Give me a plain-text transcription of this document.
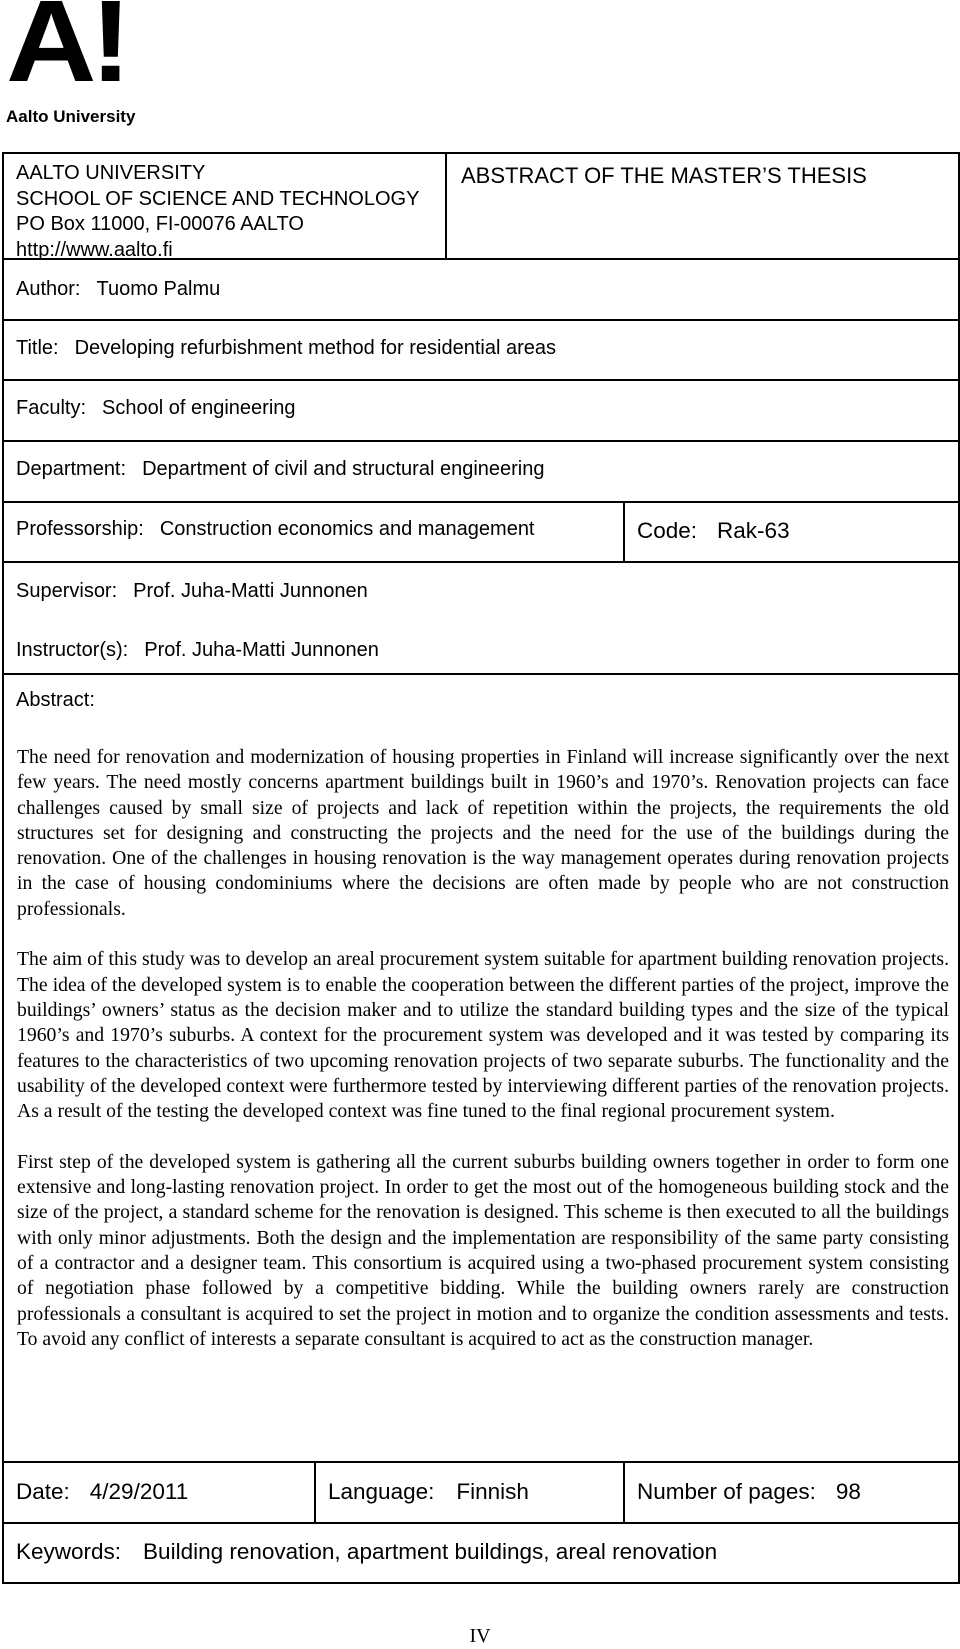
A!
Aalto University
AALTO UNIVERSITY
SCHOOL OF SCIENCE AND TECHNOLOGY
PO Box 11000, FI-00076 AALTO
http://www.aalto.fi
ABSTRACT OF THE MASTER’S THESIS
Author: Tuomo Palmu
Title: Developing refurbishment method for residential areas
Faculty: School of engineering
Department: Department of civil and structural engineering
Professorship: Construction economics and management	Code: Rak-63
Supervisor: Prof. Juha-Matti Junnonen
Instructor(s): Prof. Juha-Matti Junnonen
Abstract:

The need for renovation and modernization of housing properties in Finland will increase significantly over the next few years. The need mostly concerns apartment buildings built in 1960’s and 1970’s. Renovation projects can face challenges caused by small size of projects and lack of repetition within the projects, the requirements the old structures set for designing and constructing the projects and the need for the use of the buildings during the renovation. One of the challenges in housing renovation is the way management operates during renovation projects in the case of housing condominiums where the decisions are often made by people who are not construction professionals.

The aim of this study was to develop an areal procurement system suitable for apartment building renovation projects. The idea of the developed system is to enable the cooperation between the different parties of the project, improve the buildings’ owners’ status as the decision maker and to utilize the standard building types and the size of the typical 1960’s and 1970’s suburbs. A context for the procurement system was developed and it was tested by comparing its features to the characteristics of two upcoming renovation projects of two separate suburbs. The functionality and the usability of the developed context were furthermore tested by interviewing different parties of the renovation projects. As a result of the testing the developed context was fine tuned to the final regional procurement system.

First step of the developed system is gathering all the current suburbs building owners together in order to form one extensive and long-lasting renovation project. In order to get the most out of the homogeneous building stock and the size of the project, a standard scheme for the renovation is designed. This scheme is then executed to all the buildings with only minor adjustments. Both the design and the implementation are responsibility of the same party consisting of a contractor and a designer team. This consortium is acquired using a two-phased procurement system consisting of negotiation phase followed by a competitive bidding. While the building owners rarely are construction professionals a consultant is acquired to set the project in motion and to organize the condition assessments and tests. To avoid any conflict of interests a separate consultant is acquired to act as the construction manager.

Date: 4/29/2011	Language: Finnish	Number of pages: 98
Keywords: Building renovation, apartment buildings, areal renovation
IV
